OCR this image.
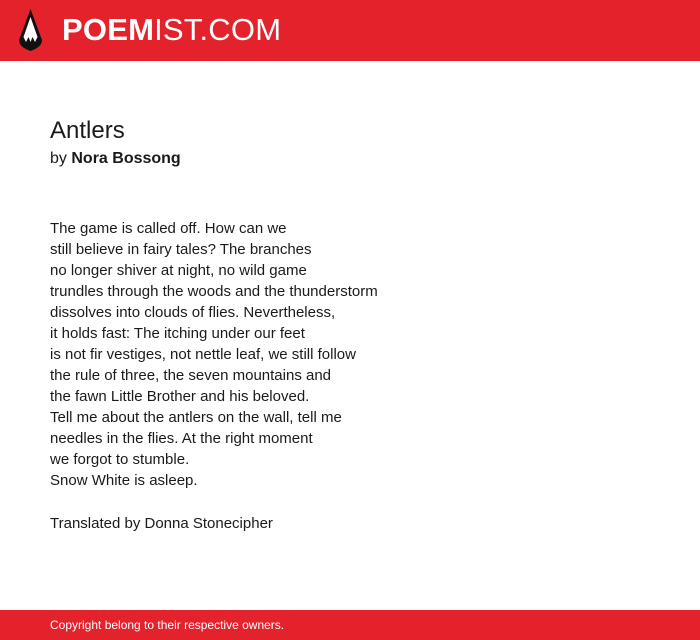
POEMIST.COM
Antlers
by Nora Bossong
The game is called off. How can we
still believe in fairy tales? The branches
no longer shiver at night, no wild game
trundles through the woods and the thunderstorm
dissolves into clouds of flies. Nevertheless,
it holds fast: The itching under our feet
is not fir vestiges, not nettle leaf, we still follow
the rule of three, the seven mountains and
the fawn Little Brother and his beloved.
Tell me about the antlers on the wall, tell me
needles in the flies. At the right moment
we forgot to stumble.
Snow White is asleep.
Translated by Donna Stonecipher
Copyright belong to their respective owners.
